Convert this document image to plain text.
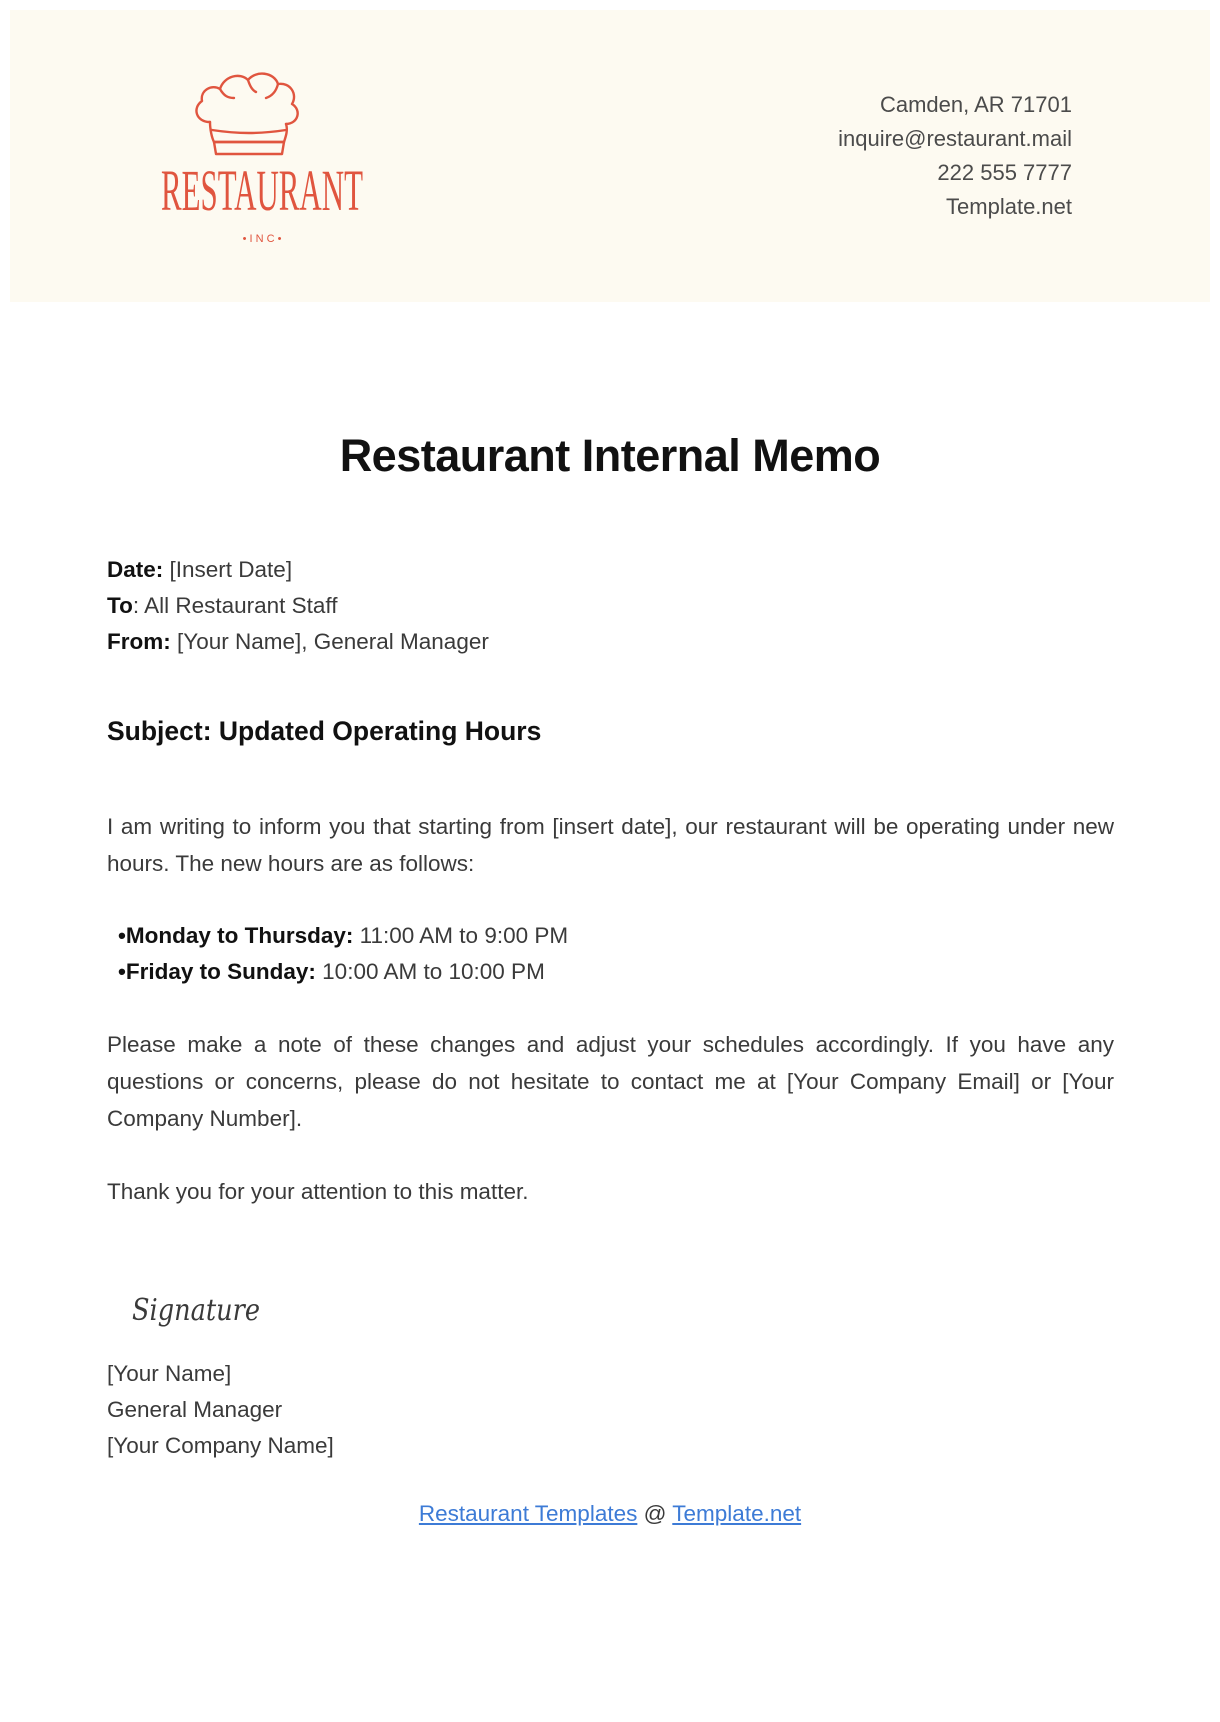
RESTAURANT
• I N C •
Camden, AR 71701
inquire@restaurant.mail
222 555 7777
Template.net
Restaurant Internal Memo
Date: [Insert Date]
To: All Restaurant Staff
From: [Your Name], General Manager
Subject: Updated Operating Hours
I am writing to inform you that starting from [insert date], our restaurant will be operating under new hours. The new hours are as follows:
•Monday to Thursday: 11:00 AM to 9:00 PM
•Friday to Sunday: 10:00 AM to 10:00 PM
Please make a note of these changes and adjust your schedules accordingly. If you have any questions or concerns, please do not hesitate to contact me at [Your Company Email] or [Your Company Number].
Thank you for your attention to this matter.
Signature
[Your Name]
General Manager
[Your Company Name]
Restaurant Templates @ Template.net
